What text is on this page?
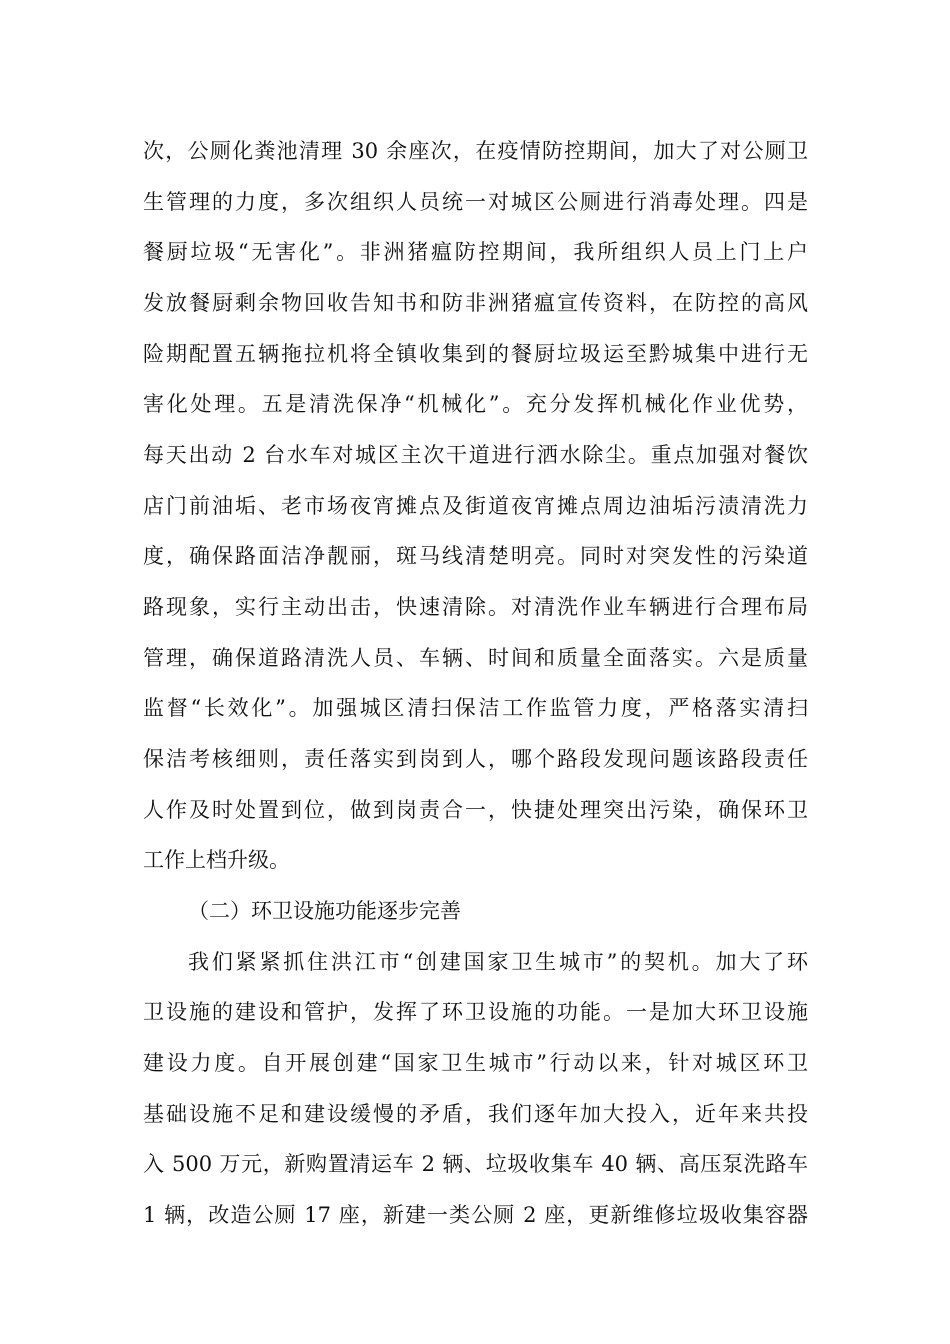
次，公厕化粪池清理 30 余座次，在疫情防控期间，加大了对公厕卫
生管理的力度，多次组织人员统一对城区公厕进行消毒处理。四是
餐厨垃圾“无害化”。非洲猪瘟防控期间，我所组织人员上门上户
发放餐厨剩余物回收告知书和防非洲猪瘟宣传资料，在防控的高风
险期配置五辆拖拉机将全镇收集到的餐厨垃圾运至黔城集中进行无
害化处理。五是清洗保净“机械化”。充分发挥机械化作业优势，
每天出动 2 台水车对城区主次干道进行洒水除尘。重点加强对餐饮
店门前油垢、老市场夜宵摊点及街道夜宵摊点周边油垢污渍清洗力
度，确保路面洁净靓丽，斑马线清楚明亮。同时对突发性的污染道
路现象，实行主动出击，快速清除。对清洗作业车辆进行合理布局
管理，确保道路清洗人员、车辆、时间和质量全面落实。六是质量
监督“长效化”。加强城区清扫保洁工作监管力度，严格落实清扫
保洁考核细则，责任落实到岗到人，哪个路段发现问题该路段责任
人作及时处置到位，做到岗责合一，快捷处理突出污染，确保环卫
工作上档升级。
（二）环卫设施功能逐步完善
我们紧紧抓住洪江市“创建国家卫生城市”的契机。加大了环
卫设施的建设和管护，发挥了环卫设施的功能。一是加大环卫设施
建设力度。自开展创建“国家卫生城市”行动以来，针对城区环卫
基础设施不足和建设缓慢的矛盾，我们逐年加大投入，近年来共投
入 500 万元，新购置清运车 2 辆、垃圾收集车 40 辆、高压泵洗路车
1 辆，改造公厕 17 座，新建一类公厕 2 座，更新维修垃圾收集容器
